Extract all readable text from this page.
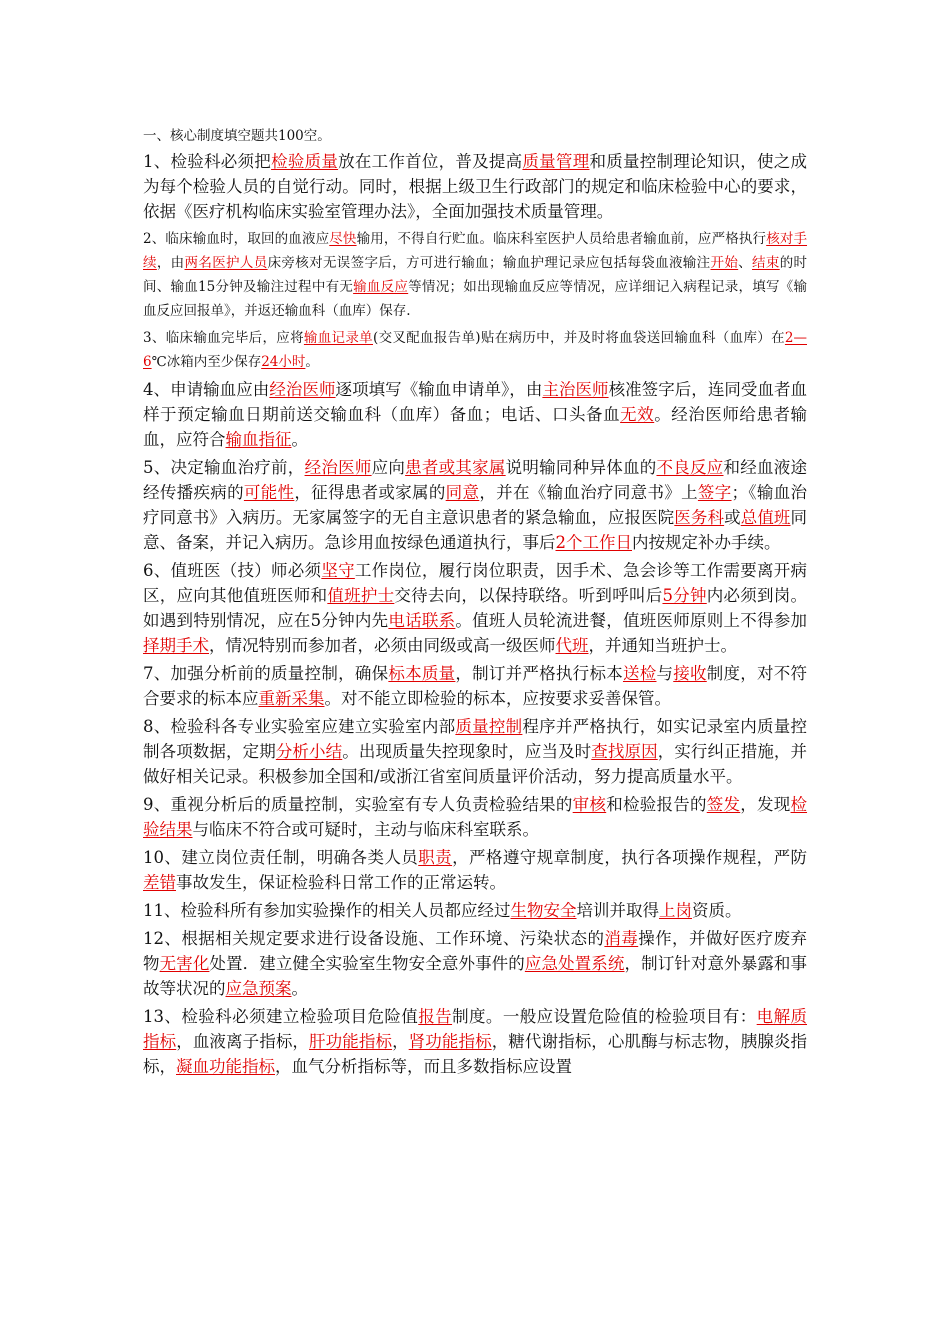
一、核心制度填空题共100空。
1、检验科必须把检验质量放在工作首位，普及提高质量管理和质量控制理论知识，使之成为每个检验人员的自觉行动。同时，根据上级卫生行政部门的规定和临床检验中心的要求，依据《医疗机构临床实验室管理办法》，全面加强技术质量管理。
2、临床输血时，取回的血液应尽快输用，不得自行贮血。临床科室医护人员给患者输血前，应严格执行核对手续，由两名医护人员床旁核对无误签字后，方可进行输血；输血护理记录应包括每袋血液输注开始、结束的时间、输血15分钟及输注过程中有无输血反应等情况；如出现输血反应等情况，应详细记入病程记录，填写《输血反应回报单》，并返还输血科（血库）保存.
3、临床输血完毕后，应将输血记录单(交叉配血报告单)贴在病历中，并及时将血袋送回输血科（血库）在2—6℃冰箱内至少保存24小时。
4、申请输血应由经治医师逐项填写《输血申请单》，由主治医师核准签字后，连同受血者血样于预定输血日期前送交输血科（血库）备血；电话、口头备血无效。经治医师给患者输血，应符合输血指征。
5、决定输血治疗前，经治医师应向患者或其家属说明输同种异体血的不良反应和经血液途经传播疾病的可能性，征得患者或家属的同意，并在《输血治疗同意书》上签字；《输血治疗同意书》入病历。无家属签字的无自主意识患者的紧急输血，应报医院医务科或总值班同意、备案，并记入病历。急诊用血按绿色通道执行，事后2个工作日内按规定补办手续。
6、值班医（技）师必须坚守工作岗位，履行岗位职责，因手术、急会诊等工作需要离开病区，应向其他值班医师和值班护士交待去向，以保持联络。听到呼叫后5分钟内必须到岗。如遇到特别情况，应在5分钟内先电话联系。值班人员轮流进餐，值班医师原则上不得参加择期手术，情况特别而参加者，必须由同级或高一级医师代班，并通知当班护士。
7、加强分析前的质量控制，确保标本质量，制订并严格执行标本送检与接收制度，对不符合要求的标本应重新采集。对不能立即检验的标本，应按要求妥善保管。
8、检验科各专业实验室应建立实验室内部质量控制程序并严格执行，如实记录室内质量控制各项数据，定期分析小结。出现质量失控现象时，应当及时查找原因，实行纠正措施，并做好相关记录。积极参加全国和/或浙江省室间质量评价活动，努力提高质量水平。
9、重视分析后的质量控制，实验室有专人负责检验结果的审核和检验报告的签发，发现检验结果与临床不符合或可疑时，主动与临床科室联系。
10、建立岗位责任制，明确各类人员职责，严格遵守规章制度，执行各项操作规程，严防差错事故发生，保证检验科日常工作的正常运转。
11、检验科所有参加实验操作的相关人员都应经过生物安全培训并取得上岗资质。
12、根据相关规定要求进行设备设施、工作环境、污染状态的消毒操作，并做好医疗废弃物无害化处置．建立健全实验室生物安全意外事件的应急处置系统，制订针对意外暴露和事故等状况的应急预案。
13、检验科必须建立检验项目危险值报告制度。一般应设置危险值的检验项目有：电解质指标，血液离子指标，肝功能指标，肾功能指标，糖代谢指标，心肌酶与标志物，胰腺炎指标，凝血功能指标，血气分析指标等，而且多数指标应设置
